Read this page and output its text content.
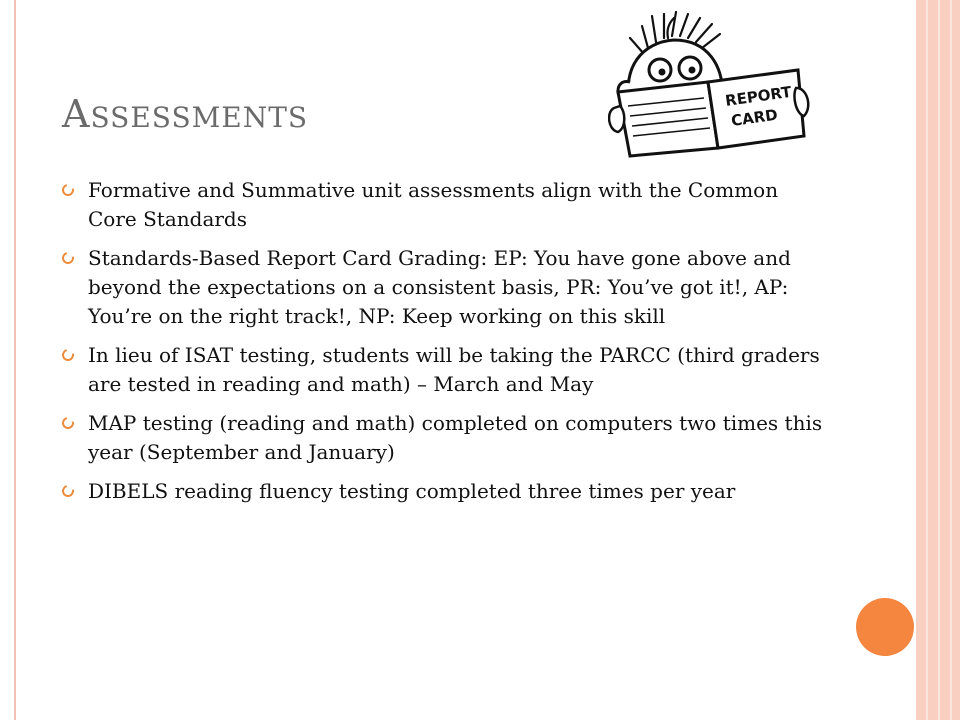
ASSESSMENTS
REPORT
CARD
Formative and Summative unit assessments align with the Common Core Standards
Standards-Based Report Card Grading: EP: You have gone above and beyond the expectations on a consistent basis, PR: You’ve got it!, AP: You’re on the right track!, NP: Keep working on this skill
In lieu of ISAT testing, students will be taking the PARCC (third graders are tested in reading and math) – March and May
MAP testing (reading and math) completed on computers two times this year (September and January)
DIBELS reading fluency testing completed three times per year
